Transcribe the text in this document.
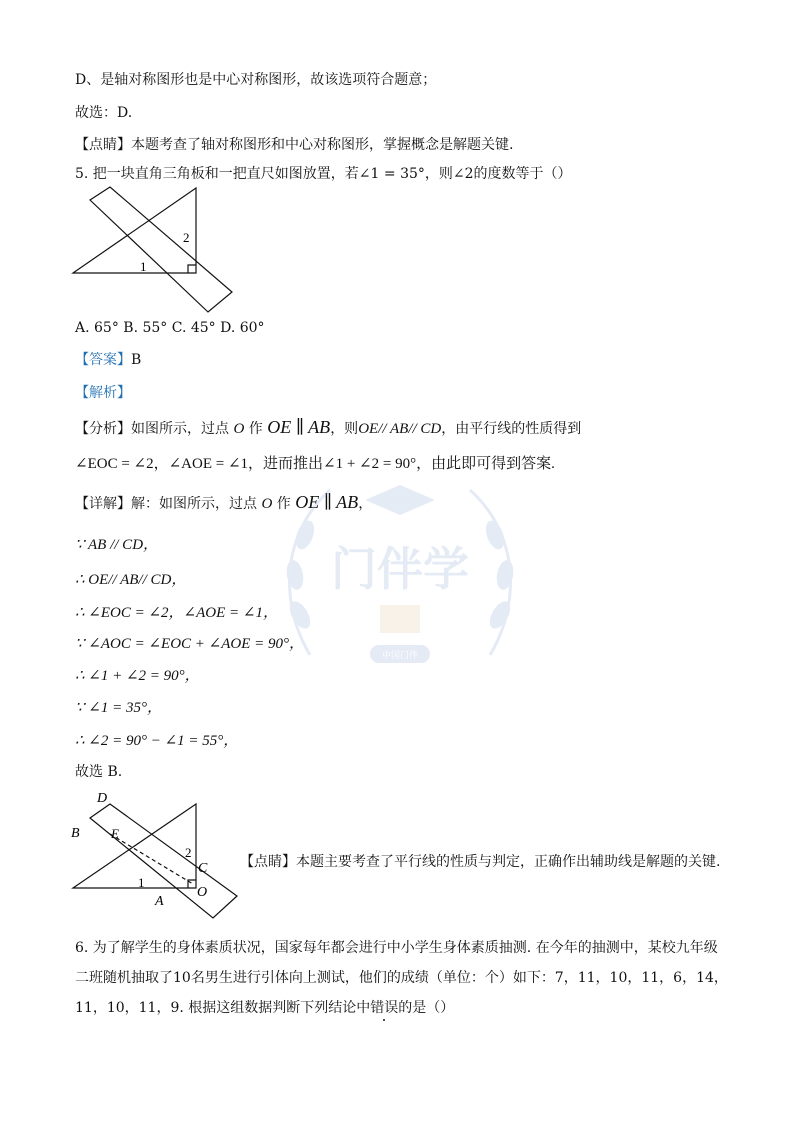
D、是轴对称图形也是中心对称图形，故该选项符合题意；
故选：D.
【点睛】本题考查了轴对称图形和中心对称图形，掌握概念是解题关键.
5. 把一块直角三角板和一把直尺如图放置，若∠1 = 35°，则∠2的度数等于（）
1
2
A. 65° B. 55° C. 45° D. 60°
【答案】B
【解析】
【分析】如图所示，过点 O 作 OE ∥ AB，则OE// AB// CD，由平行线的性质得到
∠EOC = ∠2，∠AOE = ∠1，进而推出∠1 + ∠2 = 90°，由此即可得到答案.
【详解】解：如图所示，过点 O 作 OE ∥ AB，
∵ AB // CD，
∴ OE// AB// CD，
∴ ∠EOC = ∠2，∠AOE = ∠1，
∵ ∠AOC = ∠EOC + ∠AOE = 90°，
∴ ∠1 + ∠2 = 90°，
∵ ∠1 = 35°，
∴ ∠2 = 90° − ∠1 = 55°，
故选 B.
D
B E
2
C
1
O
A
【点睛】本题主要考查了平行线的性质与判定，正确作出辅助线是解题的关键.
6. 为了解学生的身体素质状况，国家每年都会进行中小学生身体素质抽测. 在今年的抽测中，某校九年级
二班随机抽取了10名男生进行引体向上测试，他们的成绩（单位：个）如下：7，11，10，11，6，14，
11，10，11，9. 根据这组数据判断下列结论中错误的是（）
门伴学
中国门伴
